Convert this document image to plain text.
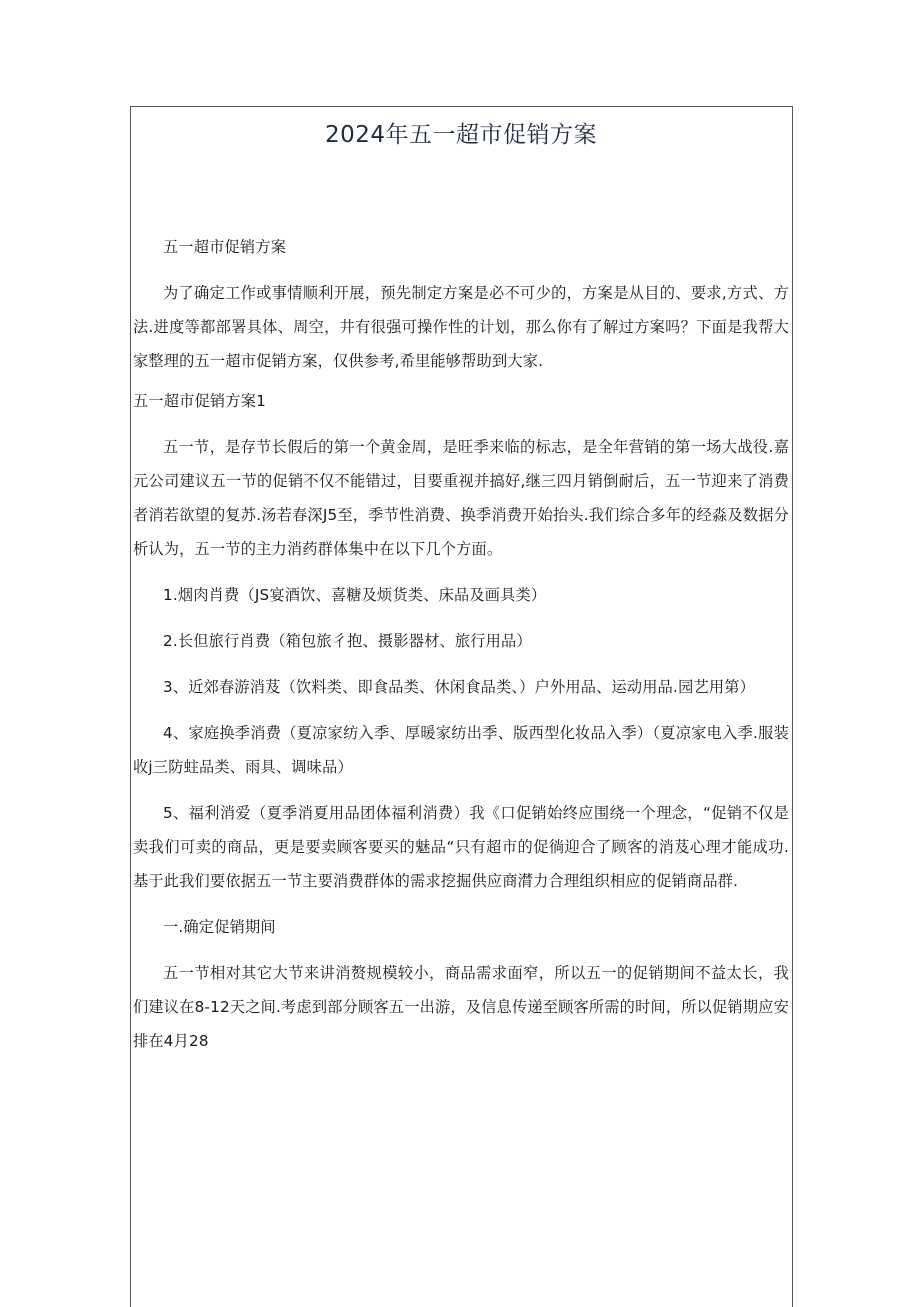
2024年五一超市促销方案

五一超市促销方案

为了确定工作或事情顺利开展，预先制定方案是必不可少的，方案是从目的、要求,方式、方法.进度等都部署具体、周空，井有很强可操作性的计划，那么你有了解过方案吗？下面是我帮大家整理的五一超市促销方案，仅供参考,希里能够帮助到大家.

五一超市促销方案1

五一节，是存节长假后的第一个黄金周，是旺季来临的标志，是全年营销的第一场大战役.嘉元公司建议五一节的促销不仅不能错过，目要重视并搞好,继三四月销倒耐后，五一节迎来了消费者消若欲望的复苏.汤若春深J5至，季节性消费、换季消费开始抬头.我们综合多年的经淼及数据分析认为，五一节的主力消药群体集中在以下几个方面。

1.烟肉肖费（JS宴酒饮、喜糖及烦货类、床品及画具类）

2.长但旅行肖费（箱包旅彳抱、摄影器材、旅行用品）

3、近郊春游消芨（饮料类、即食品类、休闲食品类、）户外用品、运动用品.园艺用第）

4、家庭换季消费（夏凉家纺入季、厚暖家纺出季、版西型化妆品入季）（夏凉家电入季.服装收j三防蛀品类、雨具、调味品）

5、福利消爱（夏季消夏用品团体福利消费）我《口促销始终应围绕一个理念，“促销不仅是卖我们可卖的商品，更是要卖顾客要买的魅品“只有超市的促徜迎合了顾客的消芨心理才能成功.基于此我们要依据五一节主要消费群体的需求挖掘供应商潸力合理组织相应的促销商品群.

一.确定促销期间

五一节相对其它大节来讲消赘规模较小，商品需求面窄，所以五一的促销期间不益太长，我们建议在8-12天之间.考虑到部分顾客五一出游，及信息传递至顾客所需的时间，所以促销期应安排在4月28
